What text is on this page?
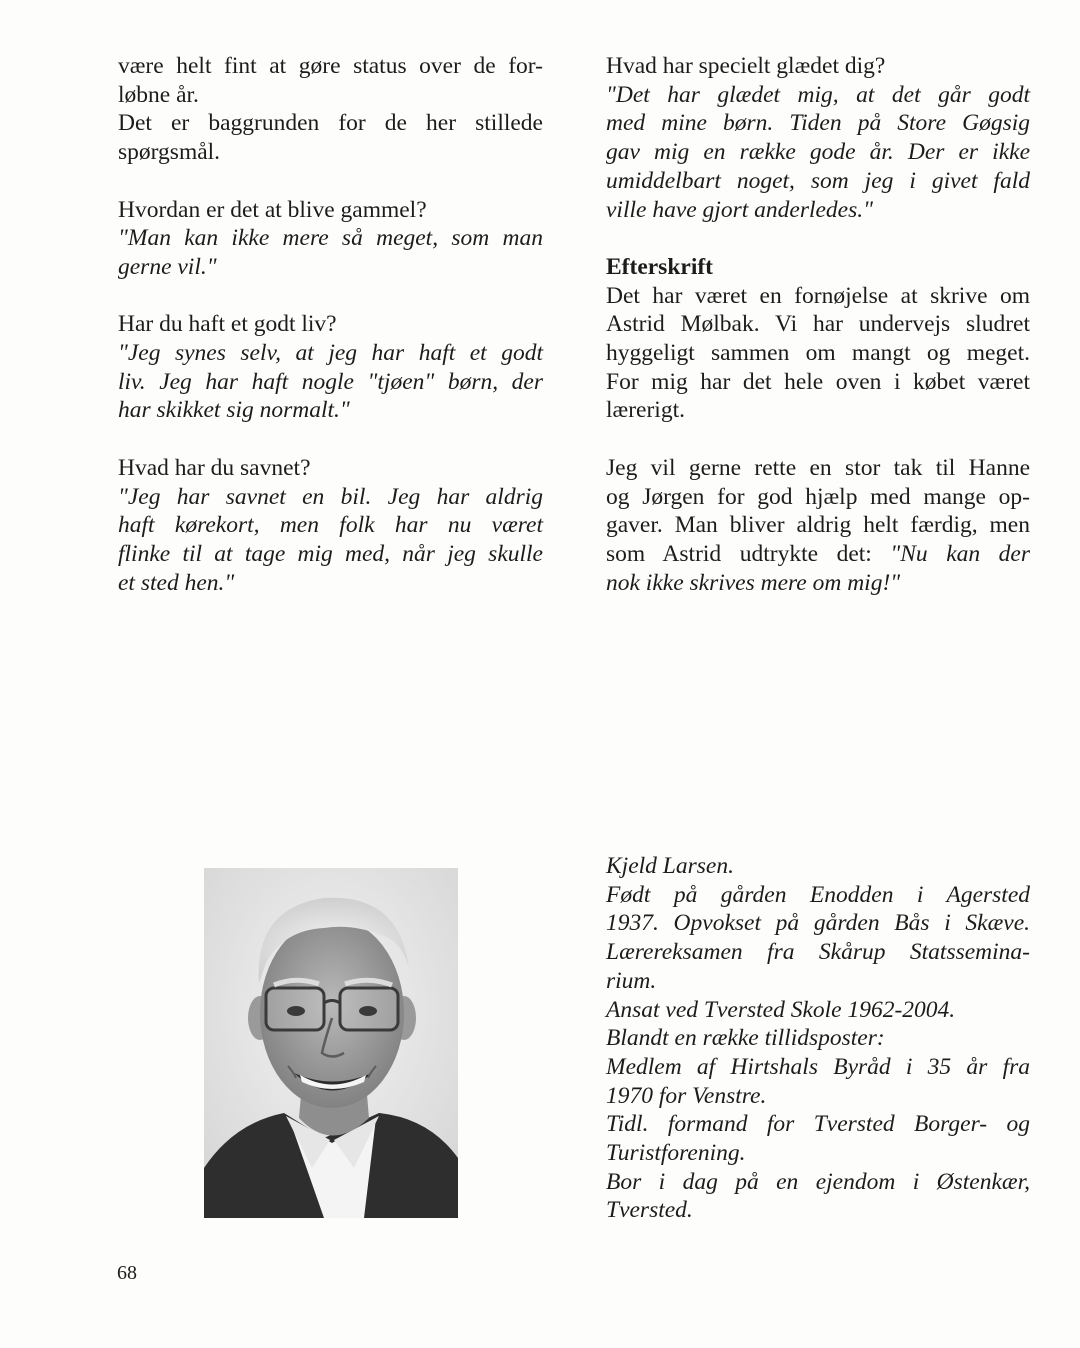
være helt fint at gøre status over de for-
løbne år.
Det er baggrunden for de her stillede
spørgsmål.
Hvordan er det at blive gammel?
"Man kan ikke mere så meget, som man
gerne vil."
Har du haft et godt liv?
"Jeg synes selv, at jeg har haft et godt
liv. Jeg har haft nogle "tjøen" børn, der
har skikket sig normalt."
Hvad har du savnet?
"Jeg har savnet en bil. Jeg har aldrig
haft kørekort, men folk har nu været
flinke til at tage mig med, når jeg skulle
et sted hen."
Hvad har specielt glædet dig?
"Det har glædet mig, at det går godt
med mine børn. Tiden på Store Gøgsig
gav mig en række gode år. Der er ikke
umiddelbart noget, som jeg i givet fald
ville have gjort anderledes."
Efterskrift
Det har været en fornøjelse at skrive om
Astrid Mølbak. Vi har undervejs sludret
hyggeligt sammen om mangt og meget.
For mig har det hele oven i købet været
lærerigt.
Jeg vil gerne rette en stor tak til Hanne
og Jørgen for god hjælp med mange op-
gaver. Man bliver aldrig helt færdig, men
som Astrid udtrykte det: "Nu kan der
nok ikke skrives mere om mig!"
Kjeld Larsen.
Født på gården Enodden i Agersted
1937. Opvokset på gården Bås i Skæve.
Lærereksamen fra Skårup Statssemina-
rium.
Ansat ved Tversted Skole 1962-2004.
Blandt en række tillidsposter:
Medlem af Hirtshals Byråd i 35 år fra
1970 for Venstre.
Tidl. formand for Tversted Borger- og
Turistforening.
Bor i dag på en ejendom i Østenkær,
Tversted.
68
